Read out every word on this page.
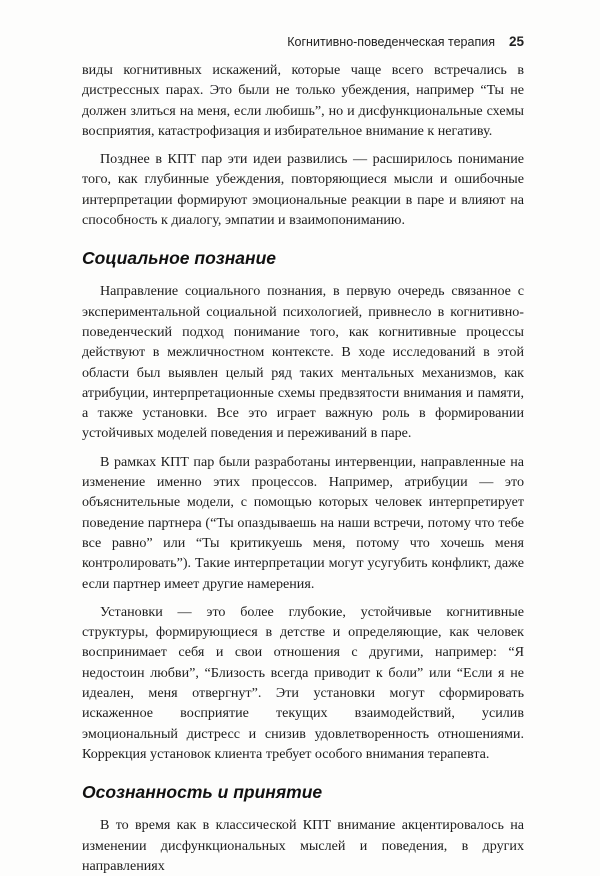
Когнитивно-поведенческая терапия 25

виды когнитивных искажений, которые чаще всего встречались в дистрессных парах. Это были не только убеждения, например “Ты не должен злиться на меня, если любишь”, но и дисфункциональные схемы восприятия, катастрофизация и избирательное внимание к негативу.

Позднее в КПТ пар эти идеи развились — расширилось понимание того, как глубинные убеждения, повторяющиеся мысли и ошибочные интерпретации формируют эмоциональные реакции в паре и влияют на способность к диалогу, эмпатии и взаимопониманию.

Социальное познание

Направление социального познания, в первую очередь связанное с экспериментальной социальной психологией, привнесло в когнитивно-поведенческий подход понимание того, как когнитивные процессы действуют в межличностном контексте. В ходе исследований в этой области был выявлен целый ряд таких ментальных механизмов, как атрибуции, интерпретационные схемы предвзятости внимания и памяти, а также установки. Все это играет важную роль в формировании устойчивых моделей поведения и переживаний в паре.

В рамках КПТ пар были разработаны интервенции, направленные на изменение именно этих процессов. Например, атрибуции — это объяснительные модели, с помощью которых человек интерпретирует поведение партнера (“Ты опаздываешь на наши встречи, потому что тебе все равно” или “Ты критикуешь меня, потому что хочешь меня контролировать”). Такие интерпретации могут усугубить конфликт, даже если партнер имеет другие намерения.

Установки — это более глубокие, устойчивые когнитивные структуры, формирующиеся в детстве и определяющие, как человек воспринимает себя и свои отношения с другими, например: “Я недостоин любви”, “Близость всегда приводит к боли” или “Если я не идеален, меня отвергнут”. Эти установки могут сформировать искаженное восприятие текущих взаимодействий, усилив эмоциональный дистресс и снизив удовлетворенность отношениями. Коррекция установок клиента требует особого внимания терапевта.

Осознанность и принятие

В то время как в классической КПТ внимание акцентировалось на изменении дисфункциональных мыслей и поведения, в других направлениях
